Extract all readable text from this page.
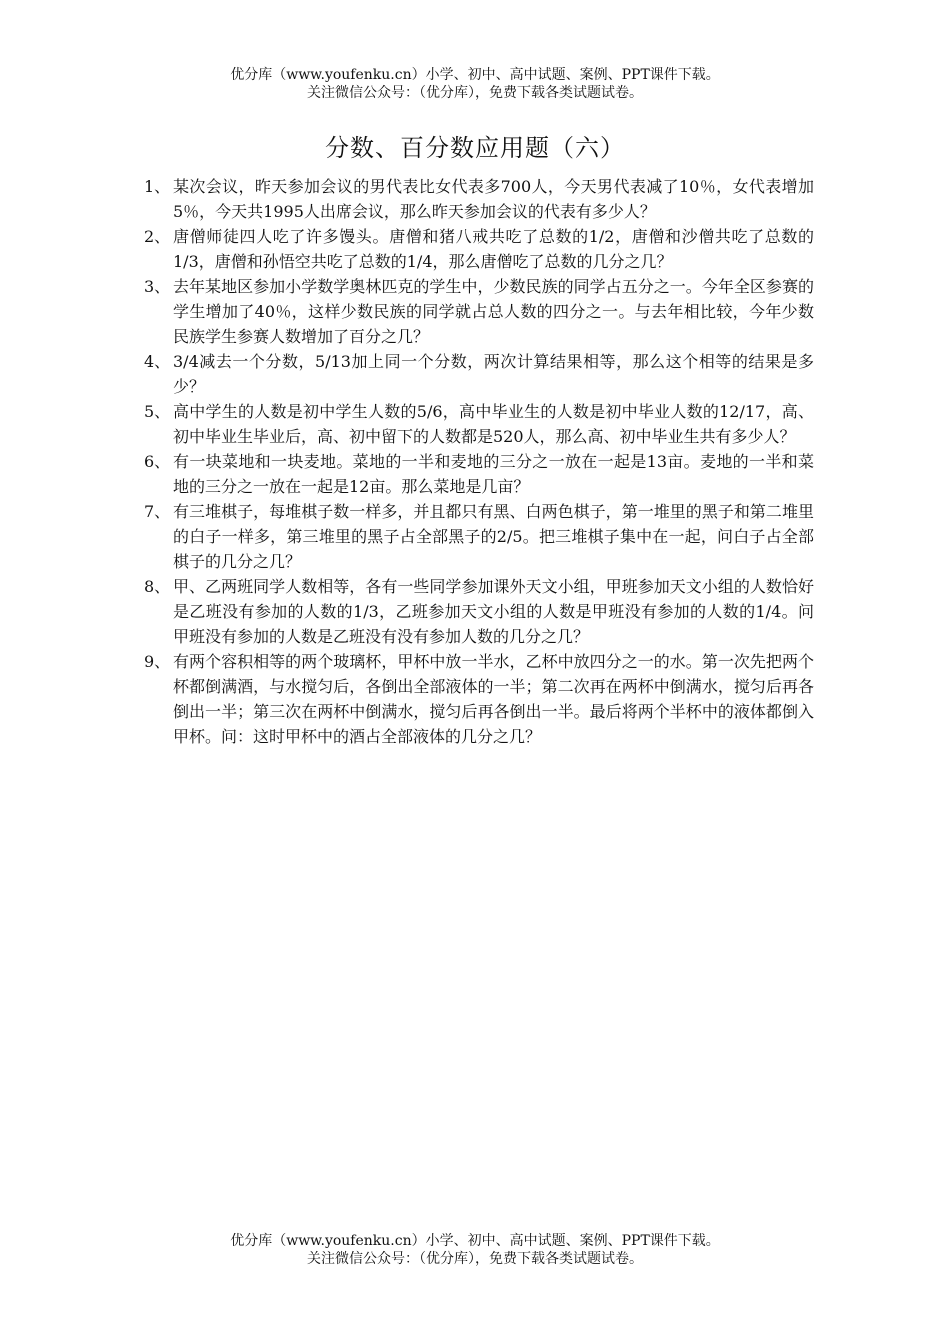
优分库（www.youfenku.cn）小学、初中、高中试题、案例、PPT课件下载。
关注微信公众号：（优分库），免费下载各类试题试卷。
分数、百分数应用题（六）
1、 某次会议，昨天参加会议的男代表比女代表多700人，今天男代表减了10％，女代表增加5％，今天共1995人出席会议，那么昨天参加会议的代表有多少人？
2、 唐僧师徒四人吃了许多馒头。唐僧和猪八戒共吃了总数的1/2，唐僧和沙僧共吃了总数的1/3，唐僧和孙悟空共吃了总数的1/4，那么唐僧吃了总数的几分之几？
3、 去年某地区参加小学数学奥林匹克的学生中，少数民族的同学占五分之一。今年全区参赛的学生增加了40％，这样少数民族的同学就占总人数的四分之一。与去年相比较，今年少数民族学生参赛人数增加了百分之几？
4、 3/4减去一个分数，5/13加上同一个分数，两次计算结果相等，那么这个相等的结果是多少？
5、 高中学生的人数是初中学生人数的5/6，高中毕业生的人数是初中毕业人数的12/17，高、初中毕业生毕业后，高、初中留下的人数都是520人，那么高、初中毕业生共有多少人？
6、 有一块菜地和一块麦地。菜地的一半和麦地的三分之一放在一起是13亩。麦地的一半和菜地的三分之一放在一起是12亩。那么菜地是几亩？
7、 有三堆棋子，每堆棋子数一样多，并且都只有黑、白两色棋子，第一堆里的黑子和第二堆里的白子一样多，第三堆里的黑子占全部黑子的2/5。把三堆棋子集中在一起，问白子占全部棋子的几分之几？
8、 甲、乙两班同学人数相等，各有一些同学参加课外天文小组，甲班参加天文小组的人数恰好是乙班没有参加的人数的1/3，乙班参加天文小组的人数是甲班没有参加的人数的1/4。问甲班没有参加的人数是乙班没有没有参加人数的几分之几？
9、 有两个容积相等的两个玻璃杯，甲杯中放一半水，乙杯中放四分之一的水。第一次先把两个杯都倒满酒，与水搅匀后，各倒出全部液体的一半；第二次再在两杯中倒满水，搅匀后再各倒出一半；第三次在两杯中倒满水，搅匀后再各倒出一半。最后将两个半杯中的液体都倒入甲杯。问：这时甲杯中的酒占全部液体的几分之几？
优分库（www.youfenku.cn）小学、初中、高中试题、案例、PPT课件下载。
关注微信公众号：（优分库），免费下载各类试题试卷。
